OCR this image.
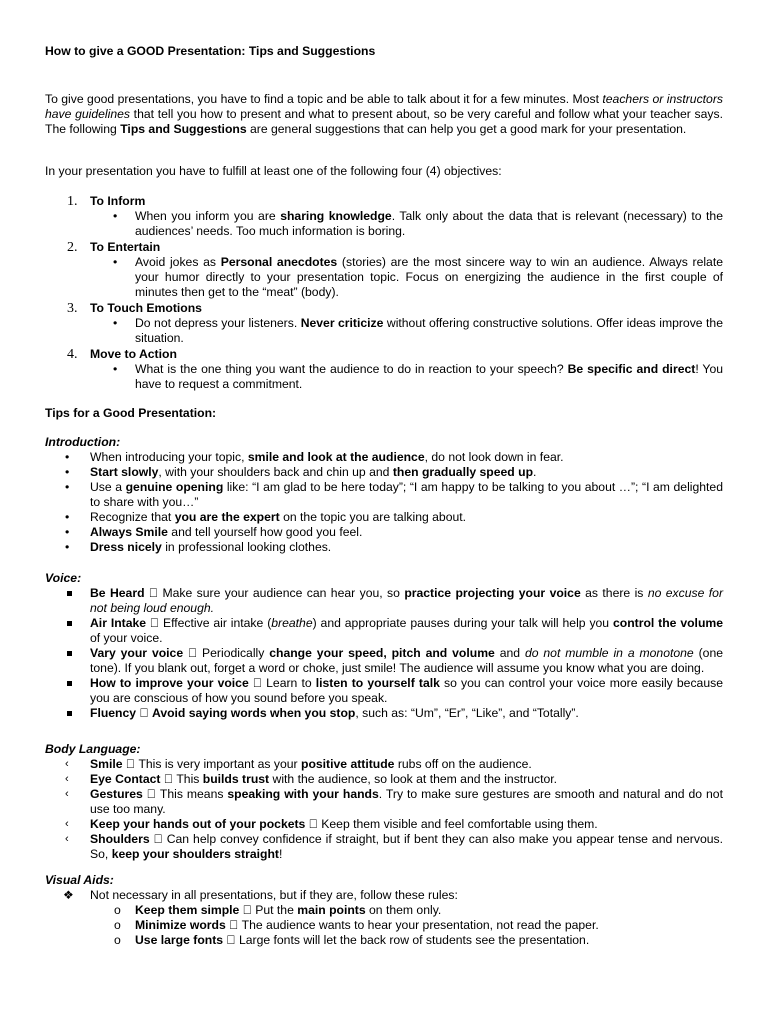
How to give a GOOD Presentation: Tips and Suggestions

To give good presentations, you have to find a topic and be able to talk about it for a few minutes. Most teachers or instructors have guidelines that tell you how to present and what to present about, so be very careful and follow what your teacher says. The following Tips and Suggestions are general suggestions that can help you get a good mark for your presentation.

In your presentation you have to fulfill at least one of the following four (4) objectives:

1. To Inform
• When you inform you are sharing knowledge. Talk only about the data that is relevant (necessary) to the audiences’ needs. Too much information is boring.
2. To Entertain
• Avoid jokes as Personal anecdotes (stories) are the most sincere way to win an audience. Always relate your humor directly to your presentation topic. Focus on energizing the audience in the first couple of minutes then get to the “meat” (body).
3. To Touch Emotions
• Do not depress your listeners. Never criticize without offering constructive solutions. Offer ideas improve the situation.
4. Move to Action
• What is the one thing you want the audience to do in reaction to your speech? Be specific and direct! You have to request a commitment.
Tips for a Good Presentation:
Introduction:
• When introducing your topic, smile and look at the audience, do not look down in fear.
• Start slowly, with your shoulders back and chin up and then gradually speed up.
• Use a genuine opening like: “I am glad to be here today”; “I am happy to be talking to you about …”; “I am delighted to share with you…”
• Recognize that you are the expert on the topic you are talking about.
• Always Smile and tell yourself how good you feel.
• Dress nicely in professional looking clothes.
Voice:
Be Heard Make sure your audience can hear you, so practice projecting your voice as there is no excuse for not being loud enough.
Air Intake Effective air intake (breathe) and appropriate pauses during your talk will help you control the volume of your voice.
Vary your voice Periodically change your speed, pitch and volume and do not mumble in a monotone (one tone). If you blank out, forget a word or choke, just smile! The audience will assume you know what you are doing.
How to improve your voice Learn to listen to yourself talk so you can control your voice more easily because you are conscious of how you sound before you speak.
Fluency Avoid saying words when you stop, such as: “Um”, “Er”, “Like”, and “Totally”.
Body Language:
‹ Smile This is very important as your positive attitude rubs off on the audience.
‹ Eye Contact This builds trust with the audience, so look at them and the instructor.
‹ Gestures This means speaking with your hands. Try to make sure gestures are smooth and natural and do not use too many.
‹ Keep your hands out of your pockets Keep them visible and feel comfortable using them.
‹ Shoulders Can help convey confidence if straight, but if bent they can also make you appear tense and nervous. So, keep your shoulders straight!
Visual Aids:
❖ Not necessary in all presentations, but if they are, follow these rules:
o Keep them simple Put the main points on them only.
o Minimize words The audience wants to hear your presentation, not read the paper.
o Use large fonts Large fonts will let the back row of students see the presentation.
